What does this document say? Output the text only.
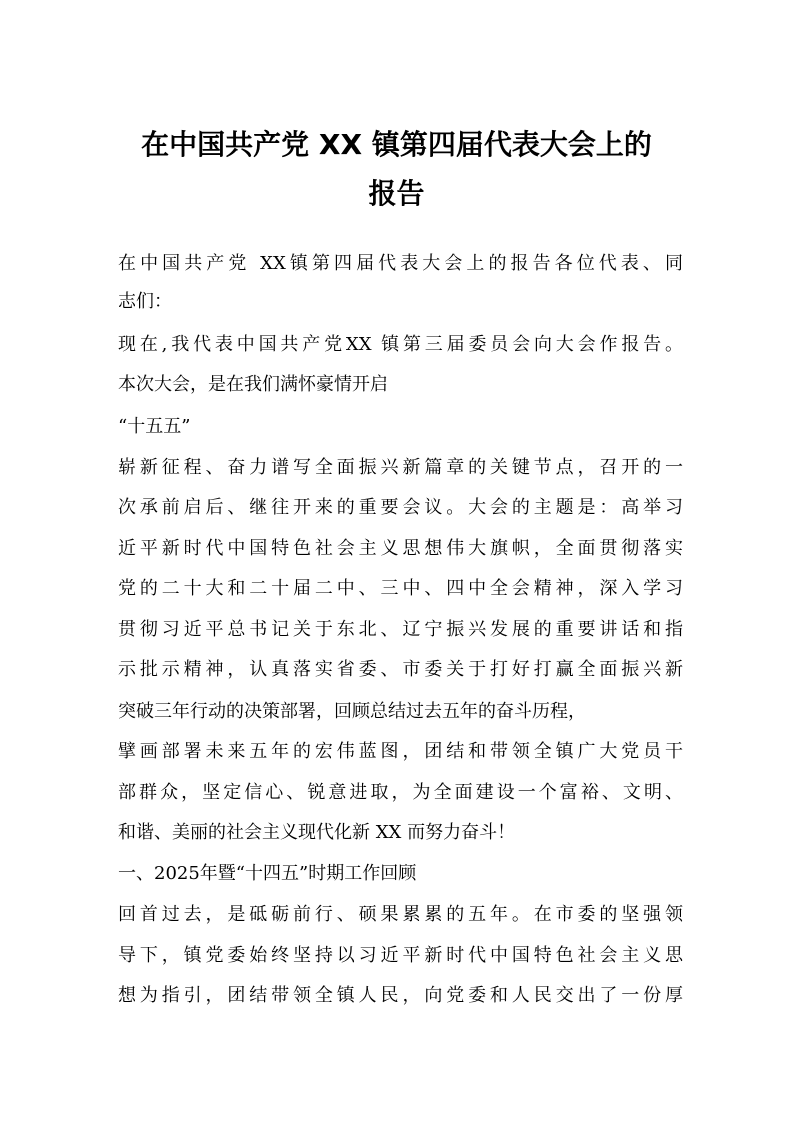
在中国共产党 XX 镇第四届代表大会上的
报告

在中国共产党 XX镇第四届代表大会上的报告各位代表、同

志们：

现在,我代表中国共产党XX 镇第三届委员会向大会作报告。

本次大会，是在我们满怀豪情开启

“十五五”

崭新征程、奋力谱写全面振兴新篇章的关键节点，召开的一

次承前启后、继往开来的重要会议。大会的主题是：高举习

近平新时代中国特色社会主义思想伟大旗帜，全面贯彻落实

党的二十大和二十届二中、三中、四中全会精神，深入学习

贯彻习近平总书记关于东北、辽宁振兴发展的重要讲话和指

示批示精神，认真落实省委、市委关于打好打赢全面振兴新

突破三年行动的决策部署，回顾总结过去五年的奋斗历程，

擘画部署未来五年的宏伟蓝图，团结和带领全镇广大党员干

部群众，坚定信心、锐意进取，为全面建设一个富裕、文明、

和谐、美丽的社会主义现代化新 XX 而努力奋斗！

一、2025年暨“十四五”时期工作回顾

回首过去，是砥砺前行、硕果累累的五年。在市委的坚强领

导下，镇党委始终坚持以习近平新时代中国特色社会主义思

想为指引，团结带领全镇人民，向党委和人民交出了一份厚
